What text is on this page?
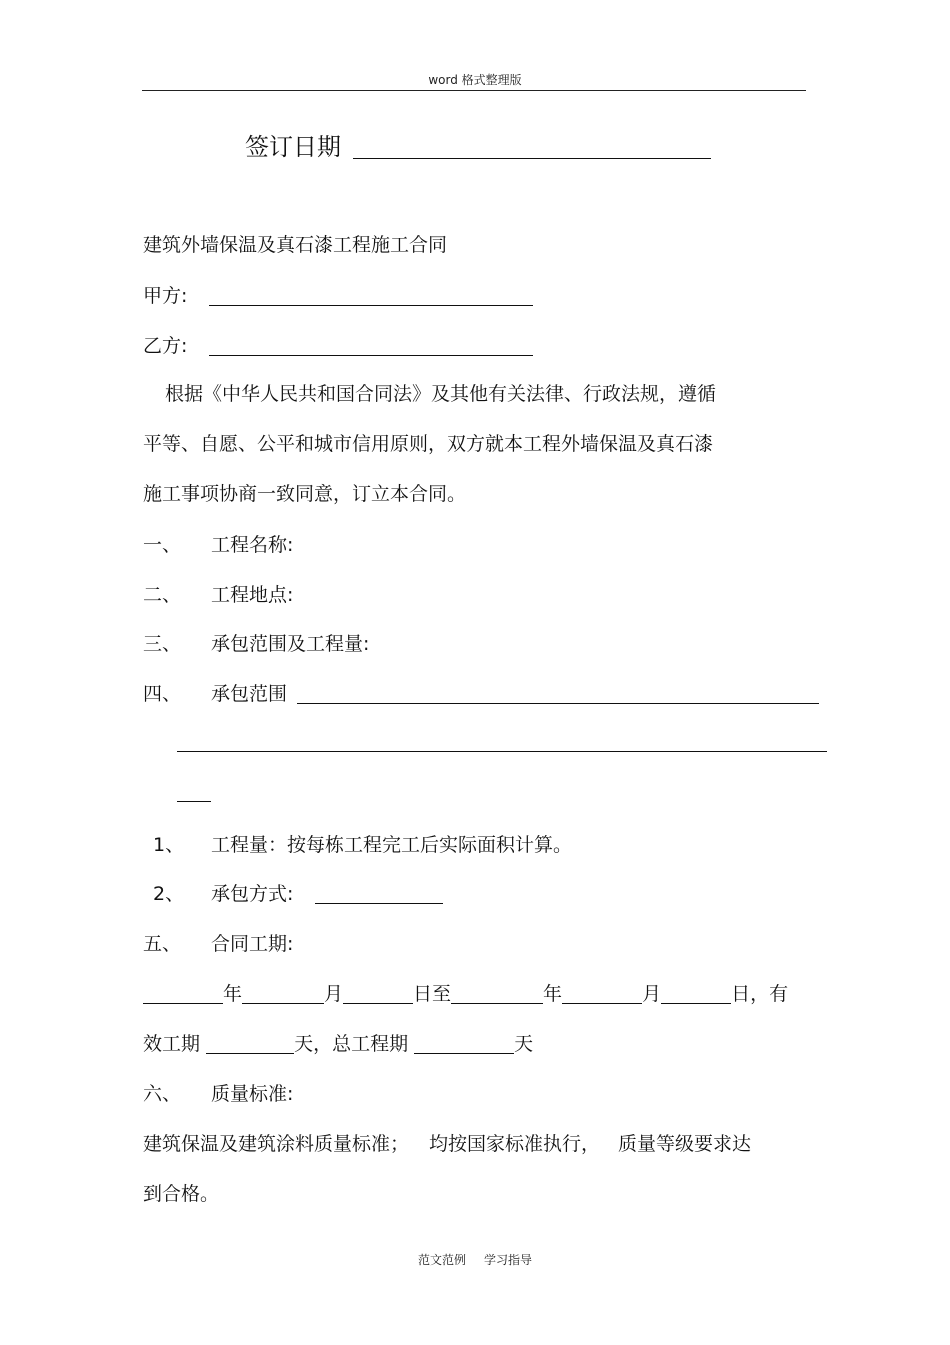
word 格式整理版
签订日期
建筑外墙保温及真石漆工程施工合同
甲方:
乙方:
根据《中华人民共和国合同法》及其他有关法律、行政法规，遵循
平等、自愿、公平和城市信用原则，双方就本工程外墙保温及真石漆
施工事项协商一致同意，订立本合同。
一、 工程名称:
二、 工程地点:
三、 承包范围及工程量:
四、 承包范围
1、 工程量：按每栋工程完工后实际面积计算。
2、 承包方式:
五、 合同工期:
年	月	日至	年	月	日，有
效工期	天，总工程期	天
六、 质量标准:
建筑保温及建筑涂料质量标准； 均按国家标准执行， 质量等级要求达
到合格。
范文范例 学习指导
